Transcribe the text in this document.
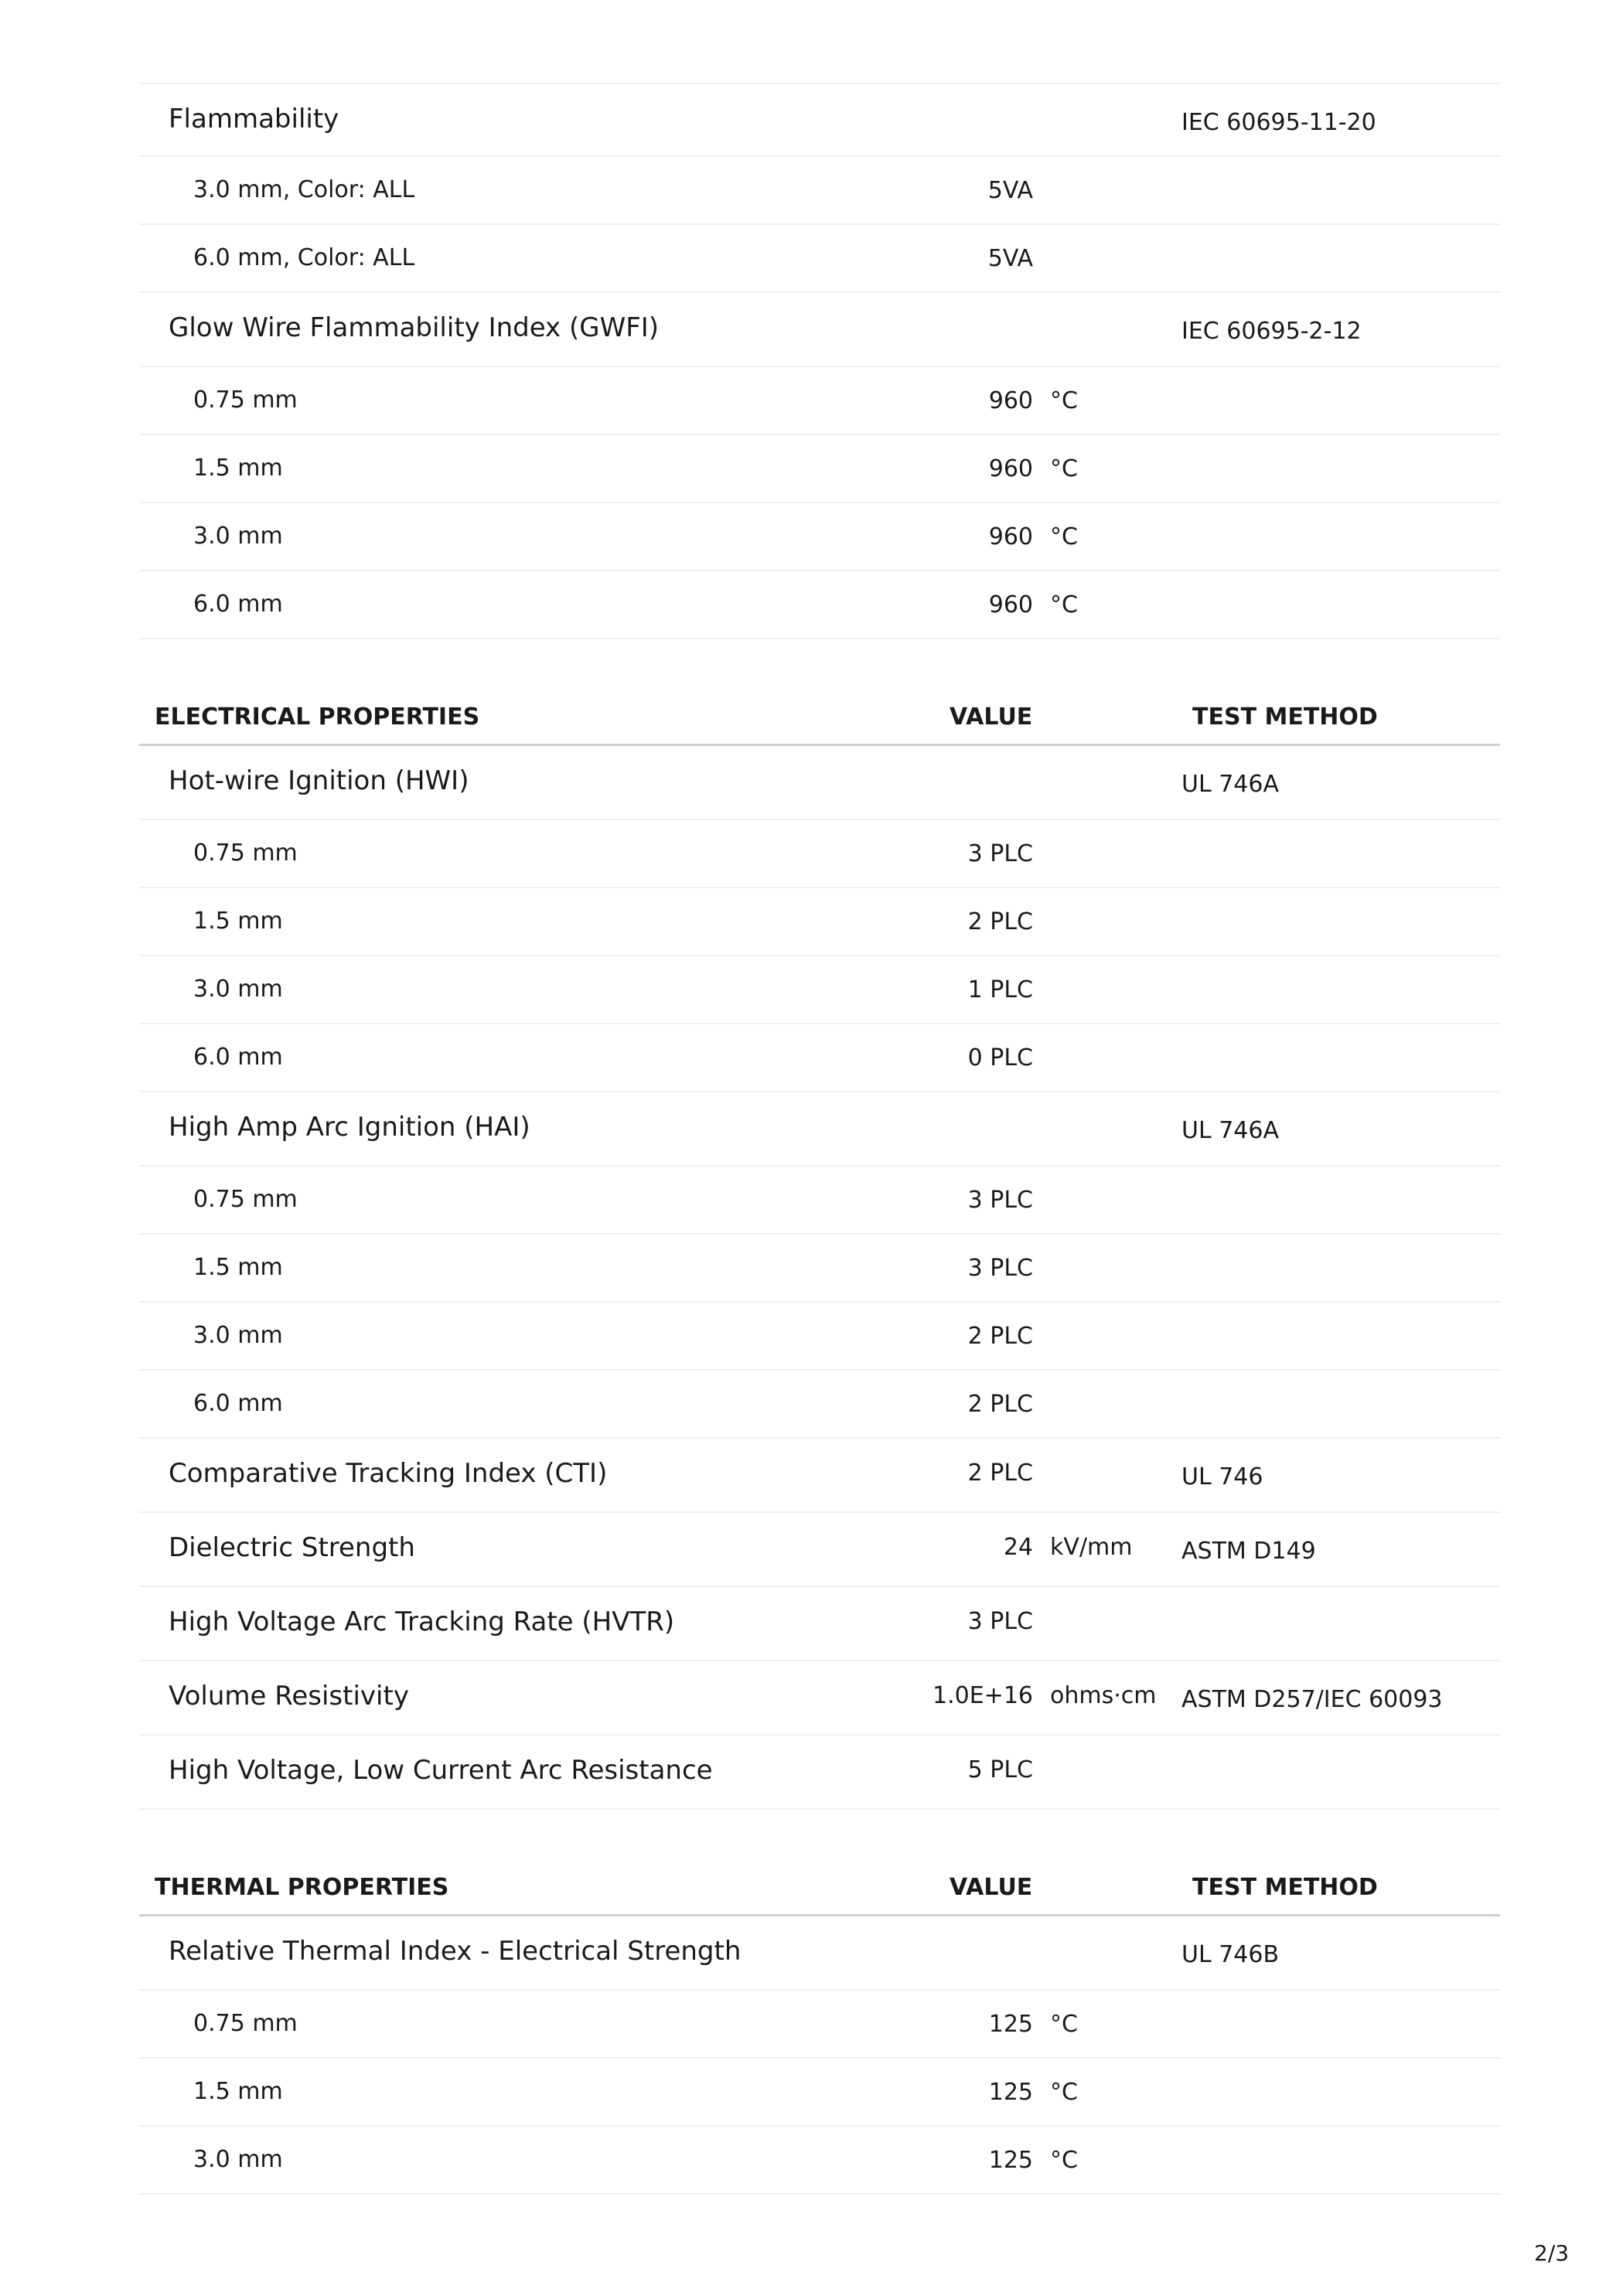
Flammability	IEC 60695-11-20
3.0 mm, Color: ALL	5VA
6.0 mm, Color: ALL	5VA
Glow Wire Flammability Index (GWFI)	IEC 60695-2-12
0.75 mm	960 °C
1.5 mm	960 °C
3.0 mm	960 °C
6.0 mm	960 °C
ELECTRICAL PROPERTIES	VALUE	TEST METHOD
Hot-wire Ignition (HWI)	UL 746A
0.75 mm	3 PLC
1.5 mm	2 PLC
3.0 mm	1 PLC
6.0 mm	0 PLC
High Amp Arc Ignition (HAI)	UL 746A
0.75 mm	3 PLC
1.5 mm	3 PLC
3.0 mm	2 PLC
6.0 mm	2 PLC
Comparative Tracking Index (CTI)	2 PLC	UL 746
Dielectric Strength	24 kV/mm ASTM D149
High Voltage Arc Tracking Rate (HVTR)	3 PLC
Volume Resistivity	1.0E+16 ohms·cm ASTM D257/IEC 60093
High Voltage, Low Current Arc Resistance	5 PLC
THERMAL PROPERTIES	VALUE	TEST METHOD
Relative Thermal Index - Electrical Strength	UL 746B
0.75 mm	125 °C
1.5 mm	125 °C
3.0 mm	125 °C
2/3
